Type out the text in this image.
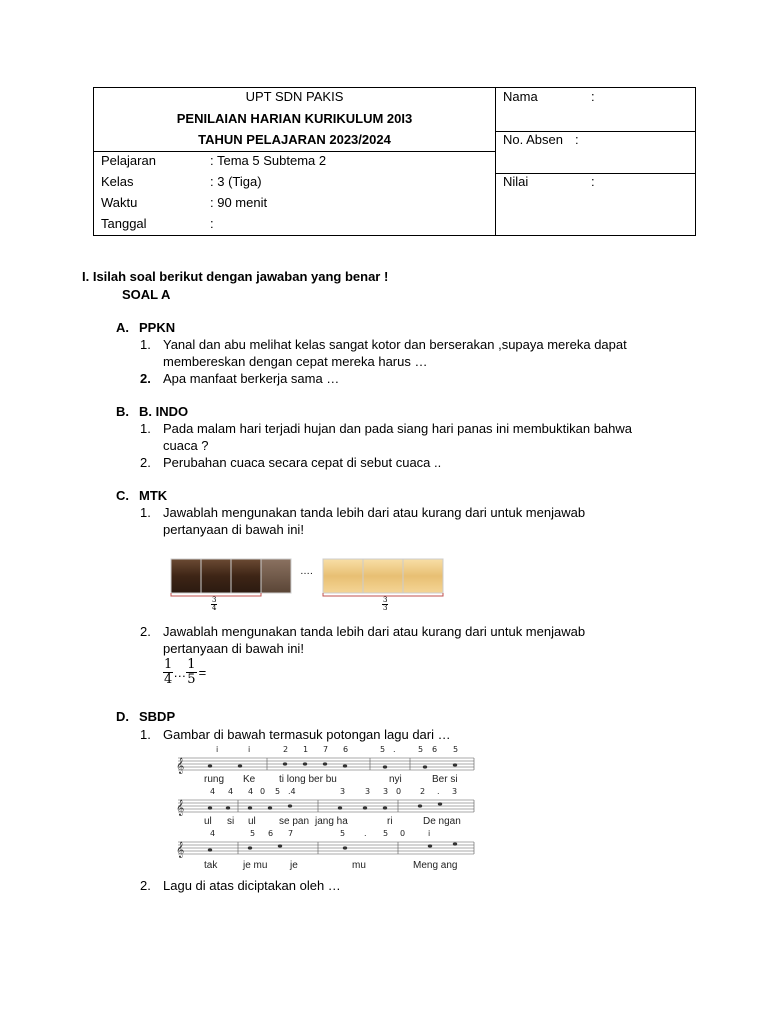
UPT SDN PAKIS
PENILAIAN HARIAN KURIKULUM 20I3
TAHUN PELAJARAN 2023/2024
Pelajaran	: Tema 5 Subtema 2
Kelas	: 3 (Tiga)
Waktu	: 90 menit
Tanggal	:
Nama	:
No. Absen :
Nilai	:
I. Isilah soal berikut dengan jawaban yang benar !
SOAL A
A. PPKN
1. Yanal dan abu melihat kelas sangat kotor dan berserakan ,supaya mereka dapat
membereskan dengan cepat mereka harus …
2. Apa manfaat berkerja sama …
B. B. INDO
1. Pada malam hari terjadi hujan dan pada siang hari panas ini membuktikan bahwa
cuaca ?
2. Perubahan cuaca secara cepat di sebut cuaca ..
C. MTK
1. Jawablah mengunakan tanda lebih dari atau kurang dari untuk menjawab
pertanyaan di bawah ini!
….
$\frac{3}{4}$	$\frac{3}{3}$
2. Jawablah mengunakan tanda lebih dari atau kurang dari untuk menjawab
pertanyaan di bawah ini!
$\frac{1}{4}$ … $\frac{1}{5}$ =
D. SBDP
1. Gambar di bawah termasuk potongan lagu dari …
𝄞
𝄞
𝄞
i	i	2 1 7 6	5 .	5 6 5
4 4 4 0 5 .4	3 3 3 0 2 . 3
4	5 6 7	5 . 5 0	i
rung Ke ti long ber bu	nyi	Ber si
ul si ul se pan jang ha	ri	De ngan
tak	je mu je	mu	Meng ang
2. Lagu di atas diciptakan oleh …
